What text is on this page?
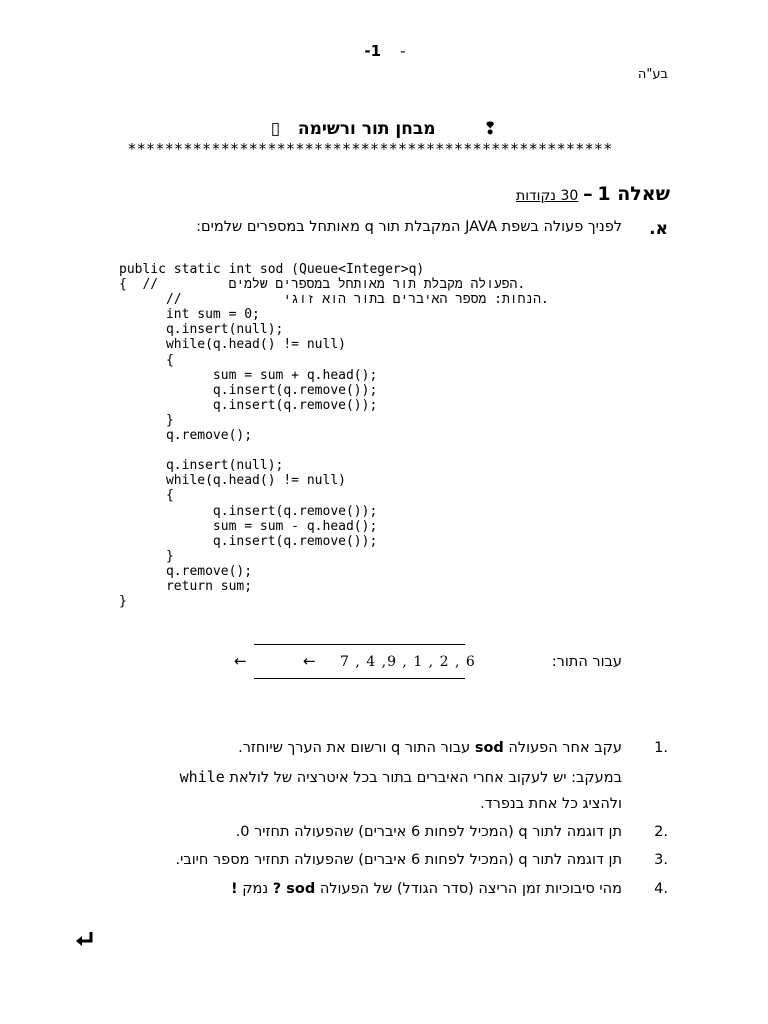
-1 -
בע"ה
▯ מבחן תור ורשימה	❢
****************************************************
שאלה 1 – 30 נקודות
א.
לפניך פעולה בשפת JAVA המקבלת תור q מאותחל במספרים שלמים:
public static int sod (Queue<Integer>q)
{  //         הפעולה מקבלת תור מאותחל במספרים שלמים.
//             הנחות: מספר האיברים בתור הוא זוגי.
int sum = 0;
q.insert(null);
while(q.head() != null)
{
sum = sum + q.head();
q.insert(q.remove());
q.insert(q.remove());
}
q.remove();

q.insert(null);
while(q.head() != null)
{
q.insert(q.remove());
sum = sum - q.head();
q.insert(q.remove());
}
q.remove();
return sum;
}
←	← 7 , 4 ,9 , 1 , 2 , 6	עבור התור:
1.
עקב אחר הפעולה sod עבור התור q ורשום את הערך שיוחזר.
במעקב: יש לעקוב אחרי האיברים בתור בכל איטרציה של לולאת while
ולהציג כל אחת בנפרד.
2.
תן דוגמה לתור q (המכיל לפחות 6 איברים) שהפעולה תחזיר 0.
3.
תן דוגמה לתור q (המכיל לפחות 6 איברים) שהפעולה תחזיר מספר חיובי.
4.
מהי סיבוכיות זמן הריצה (סדר הגודל) של הפעולה sod ? נמק !
